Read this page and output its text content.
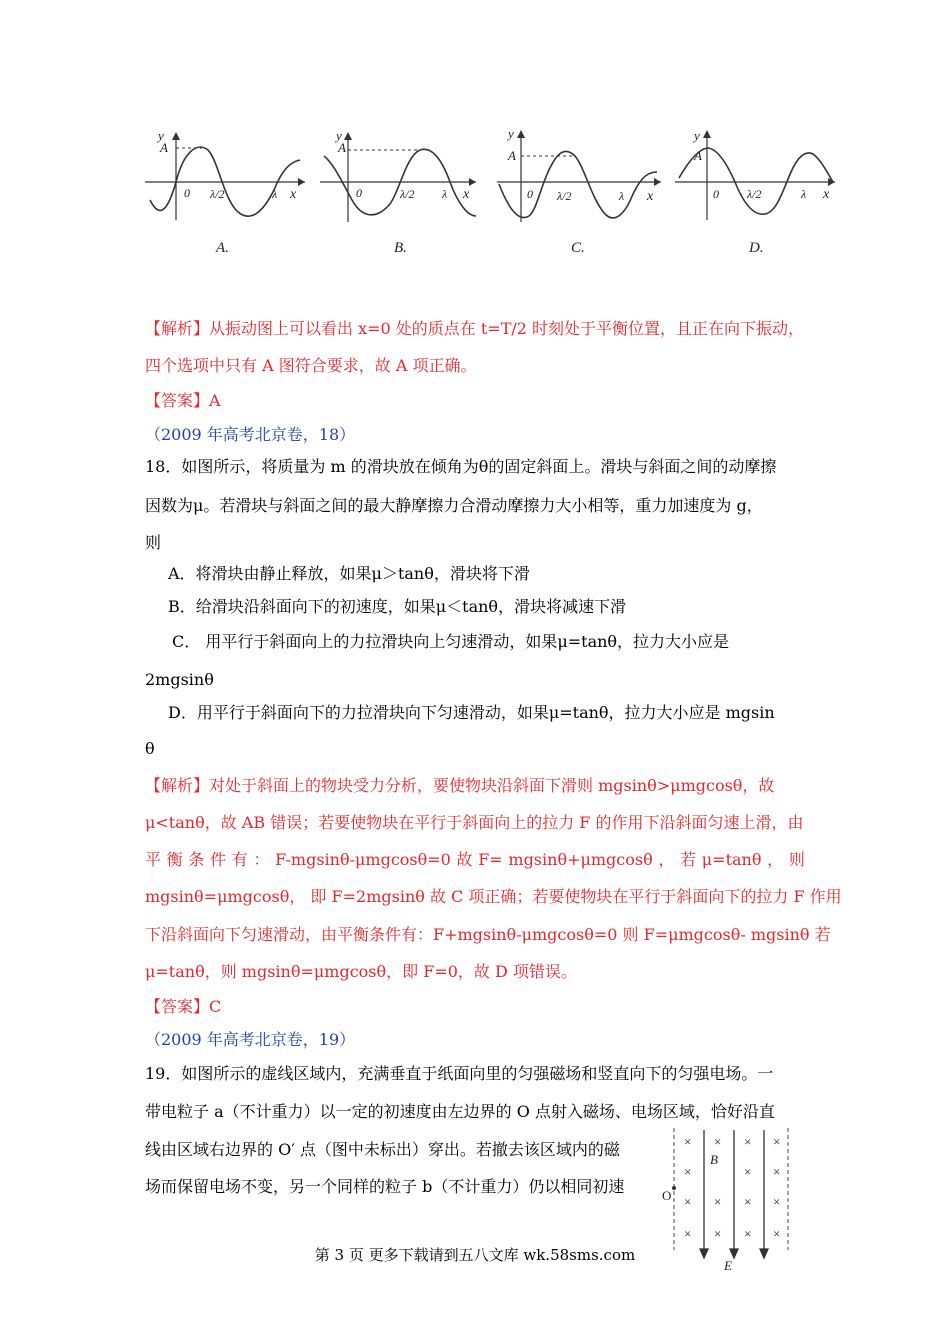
y
A
0 λ/2	λ x
A.
y
A
0	λ/2 λ x
B.
y
A
0 λ/2	λ x
C.
y
A
0 λ/2	λ x
D.
【解析】从振动图上可以看出 x=0 处的质点在 t=T/2 时刻处于平衡位置，且正在向下振动，
四个选项中只有 A 图符合要求，故 A 项正确。
【答案】A
（2009 年高考北京卷，18）
18．如图所示，将质量为 m 的滑块放在倾角为θ的固定斜面上。滑块与斜面之间的动摩擦
因数为μ。若滑块与斜面之间的最大静摩擦力合滑动摩擦力大小相等，重力加速度为 g，
则
A．将滑块由静止释放，如果μ＞tanθ，滑块将下滑
B．给滑块沿斜面向下的初速度，如果μ＜tanθ，滑块将减速下滑
C． 用平行于斜面向上的力拉滑块向上匀速滑动，如果μ=tanθ，拉力大小应是
2mgsinθ
D．用平行于斜面向下的力拉滑块向下匀速滑动，如果μ=tanθ，拉力大小应是 mgsin
θ
【解析】对处于斜面上的物块受力分析，要使物块沿斜面下滑则 mgsinθ>μmgcosθ，故
μ<tanθ，故 AB 错误；若要使物块在平行于斜面向上的拉力 F 的作用下沿斜面匀速上滑，由
平 衡 条 件 有 ： F-mgsinθ-μmgcosθ=0 故 F= mgsinθ+μmgcosθ ， 若 μ=tanθ ， 则
mgsinθ=μmgcosθ， 即 F=2mgsinθ 故 C 项正确；若要使物块在平行于斜面向下的拉力 F 作用
下沿斜面向下匀速滑动，由平衡条件有：F+mgsinθ-μmgcosθ=0 则 F=μmgcosθ- mgsinθ 若
μ=tanθ，则 mgsinθ=μmgcosθ，即 F=0，故 D 项错误。
【答案】C
（2009 年高考北京卷，19）
19．如图所示的虚线区域内，充满垂直于纸面向里的匀强磁场和竖直向下的匀强电场。一
带电粒子 a（不计重力）以一定的初速度由左边界的 O 点射入磁场、电场区域，恰好沿直
线由区域右边界的 O′ 点（图中未标出）穿出。若撤去该区域内的磁
场而保留电场不变，另一个同样的粒子 b（不计重力）仍以相同初速
× × × ×
×	× ×
× × × ×
× × × ×
B
E
O
第 3 页 更多下载请到五八文库 wk.58sms.com
